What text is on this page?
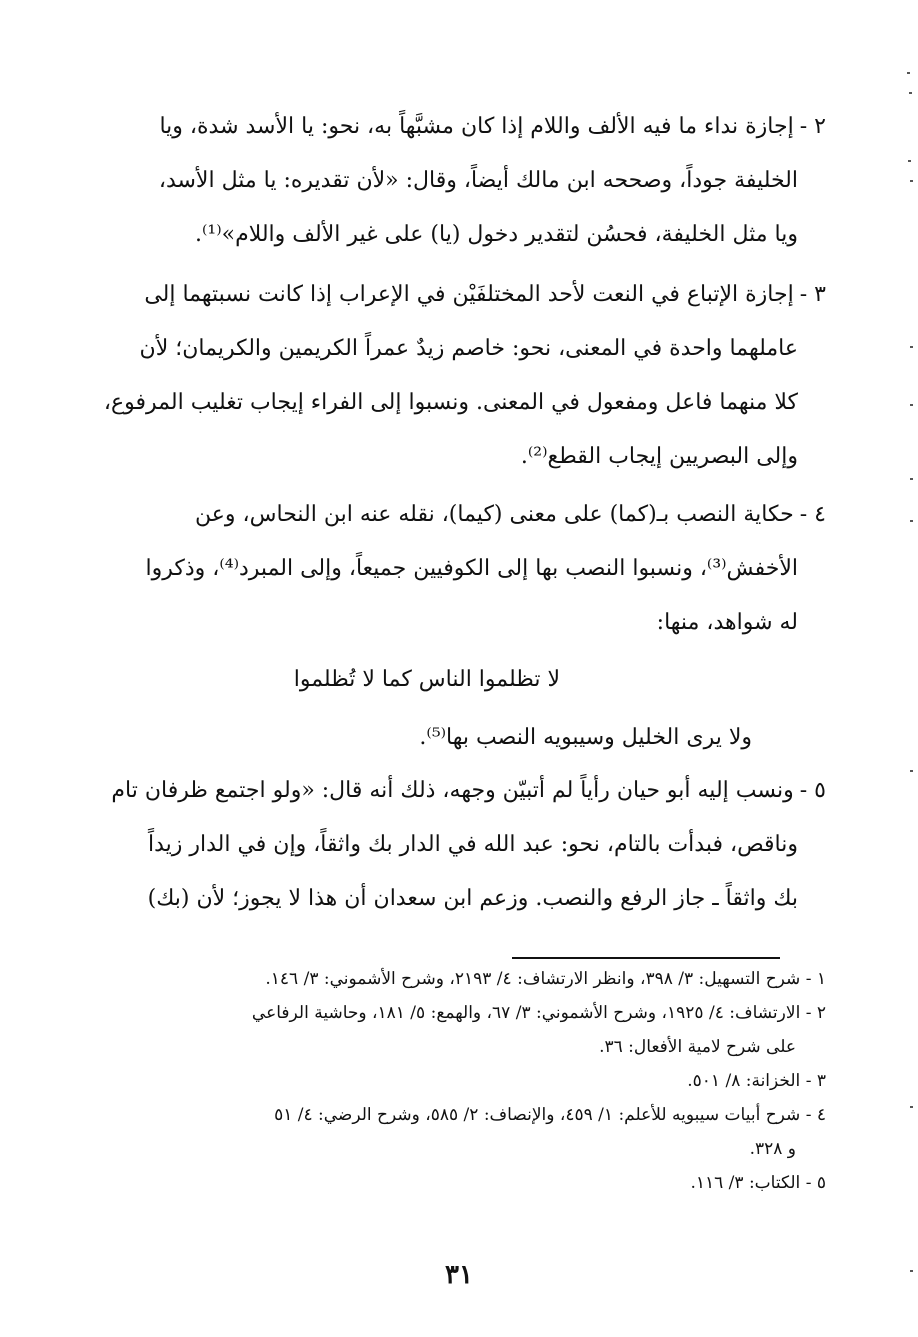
٢ -إجازة نداء ما فيه الألف واللام إذا كان مشبَّهاً به، نحو: يا الأسد شدة، ويا
الخليفة جوداً، وصححه ابن مالك أيضاً، وقال: «لأن تقديره: يا مثل الأسد،
ويا مثل الخليفة، فحسُن لتقدير دخول (يا) على غير الألف واللام»⁽¹⁾.
٣ -إجازة الإتباع في النعت لأحد المختلفَيْن في الإعراب إذا كانت نسبتهما إلى
عاملهما واحدة في المعنى، نحو: خاصم زيدٌ عمراً الكريمين والكريمان؛ لأن
كلا منهما فاعل ومفعول في المعنى. ونسبوا إلى الفراء إيجاب تغليب المرفوع،
وإلى البصريين إيجاب القطع⁽²⁾.
٤ -حكاية النصب بـ(كما) على معنى (كيما)، نقله عنه ابن النحاس، وعن
الأخفش⁽³⁾، ونسبوا النصب بها إلى الكوفيين جميعاً، وإلى المبرد⁽⁴⁾، وذكروا
له شواهد، منها:
لا تظلموا الناس كما لا تُظلموا
ولا يرى الخليل وسيبويه النصب بها⁽⁵⁾.
٥ -ونسب إليه أبو حيان رأياً لم أتبيّن وجهه، ذلك أنه قال: «ولو اجتمع ظرفان تام
وناقص، فبدأت بالتام، نحو: عبد الله في الدار بك واثقاً، وإن في الدار زيداً
بك واثقاً ـ جاز الرفع والنصب. وزعم ابن سعدان أن هذا لا يجوز؛ لأن (بك)
١ - شرح التسهيل: ٣/ ٣٩٨، وانظر الارتشاف: ٤/ ٢١٩٣، وشرح الأشموني: ٣/ ١٤٦.
٢ - الارتشاف: ٤/ ١٩٢٥، وشرح الأشموني: ٣/ ٦٧، والهمع: ٥/ ١٨١، وحاشية الرفاعي
على شرح لامية الأفعال: ٣٦.
٣ - الخزانة: ٨/ ٥٠١.
٤ - شرح أبيات سيبويه للأعلم: ١/ ٤٥٩، والإنصاف: ٢/ ٥٨٥، وشرح الرضي: ٤/ ٥١
و ٣٢٨.
٥ - الكتاب: ٣/ ١١٦.
٣١
